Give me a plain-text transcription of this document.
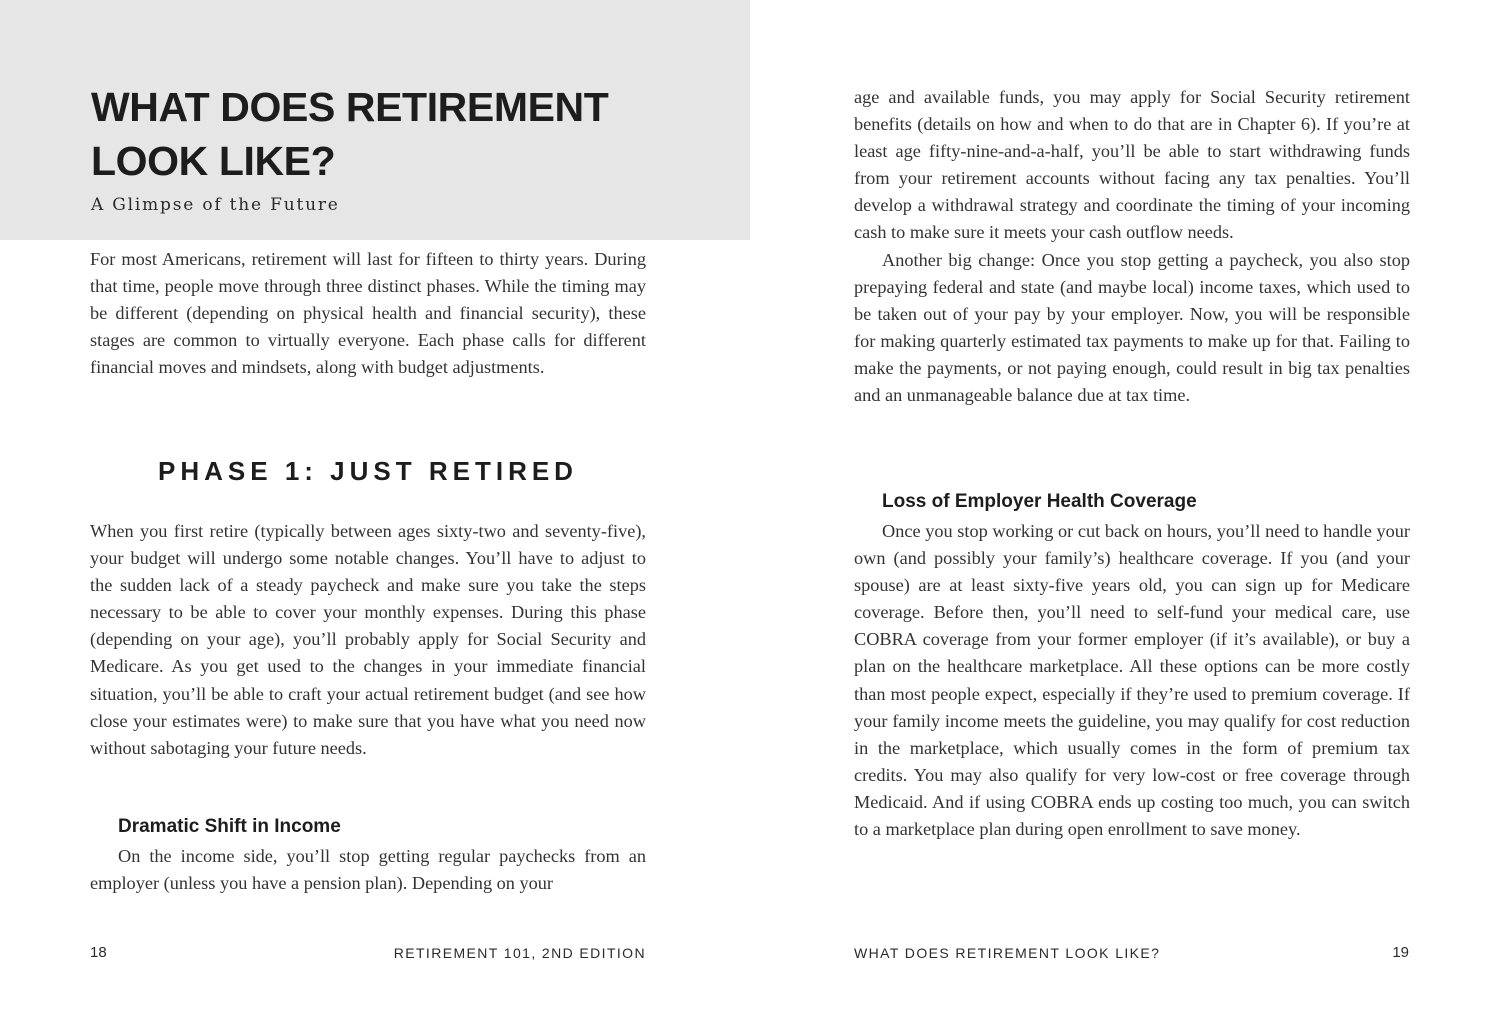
WHAT DOES RETIREMENT
LOOK LIKE?
A Glimpse of the Future

For most Americans, retirement will last for fifteen to thirty years. During that time, people move through three distinct phases. While the timing may be different (depending on physical health and financial security), these stages are common to virtually everyone. Each phase calls for different financial moves and mindsets, along with budget adjustments.

PHASE 1: JUST RETIRED

When you first retire (typically between ages sixty-two and seventy-five), your budget will undergo some notable changes. You’ll have to adjust to the sudden lack of a steady paycheck and make sure you take the steps necessary to be able to cover your monthly expenses. During this phase (depending on your age), you’ll probably apply for Social Security and Medicare. As you get used to the changes in your immediate financial situation, you’ll be able to craft your actual retirement budget (and see how close your estimates were) to make sure that you have what you need now without sabotaging your future needs.

Dramatic Shift in Income

On the income side, you’ll stop getting regular paychecks from an employer (unless you have a pension plan). Depending on your

18	RETIREMENT 101, 2ND EDITION

age and available funds, you may apply for Social Security retirement benefits (details on how and when to do that are in Chapter 6). If you’re at least age fifty-nine-and-a-half, you’ll be able to start withdrawing funds from your retirement accounts without facing any tax penalties. You’ll develop a withdrawal strategy and coordinate the timing of your incoming cash to make sure it meets your cash outflow needs.

Another big change: Once you stop getting a paycheck, you also stop prepaying federal and state (and maybe local) income taxes, which used to be taken out of your pay by your employer. Now, you will be responsible for making quarterly estimated tax payments to make up for that. Failing to make the payments, or not paying enough, could result in big tax penalties and an unmanageable balance due at tax time.

Loss of Employer Health Coverage

Once you stop working or cut back on hours, you’ll need to handle your own (and possibly your family’s) healthcare coverage. If you (and your spouse) are at least sixty-five years old, you can sign up for Medicare coverage. Before then, you’ll need to self-fund your medical care, use COBRA coverage from your former employer (if it’s available), or buy a plan on the healthcare marketplace. All these options can be more costly than most people expect, especially if they’re used to premium coverage. If your family income meets the guideline, you may qualify for cost reduction in the marketplace, which usually comes in the form of premium tax credits. You may also qualify for very low-cost or free coverage through Medicaid. And if using COBRA ends up costing too much, you can switch to a marketplace plan during open enrollment to save money.

WHAT DOES RETIREMENT LOOK LIKE?	19
